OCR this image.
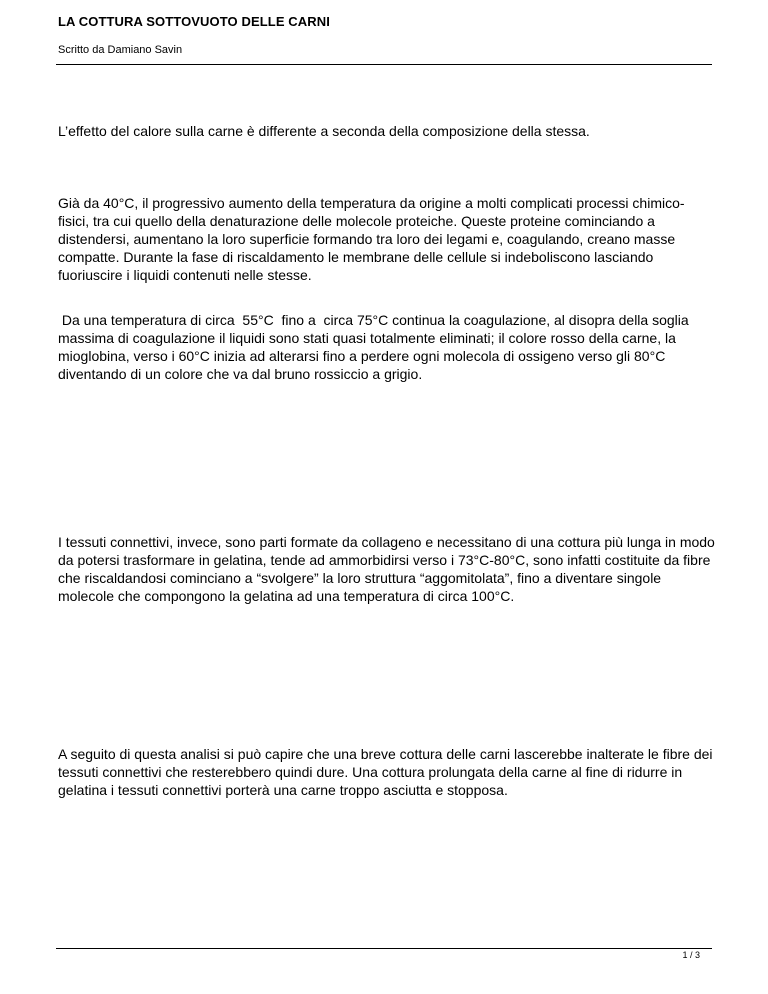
LA COTTURA SOTTOVUOTO DELLE CARNI
Scritto da Damiano Savin

L’effetto del calore sulla carne è differente a seconda della composizione della stessa.

Già da 40°C, il progressivo aumento della temperatura da origine a molti complicati processi chimico- fisici, tra cui quello della denaturazione delle molecole proteiche. Queste proteine cominciando a distendersi, aumentano la loro superficie formando tra loro dei legami e, coagulando, creano masse compatte. Durante la fase di riscaldamento le membrane delle cellule si indeboliscono lasciando fuoriuscire i liquidi contenuti nelle stesse.

Da una temperatura di circa  55°C  fino a  circa 75°C continua la coagulazione, al disopra della soglia massima di coagulazione il liquidi sono stati quasi totalmente eliminati; il colore rosso della carne, la mioglobina, verso i 60°C inizia ad alterarsi fino a perdere ogni molecola di ossigeno verso gli 80°C diventando di un colore che va dal bruno rossiccio a grigio.

I tessuti connettivi, invece, sono parti formate da collageno e necessitano di una cottura più lunga in modo da potersi trasformare in gelatina, tende ad ammorbidirsi verso i 73°C-80°C, sono infatti costituite da fibre che riscaldandosi cominciano a “svolgere” la loro struttura “aggomitolata”, fino a diventare singole molecole che compongono la gelatina ad una temperatura di circa 100°C.

A seguito di questa analisi si può capire che una breve cottura delle carni lascerebbe inalterate le fibre dei tessuti connettivi che resterebbero quindi dure. Una cottura prolungata della carne al fine di ridurre in gelatina i tessuti connettivi porterà una carne troppo asciutta e stopposa.

1 / 3
